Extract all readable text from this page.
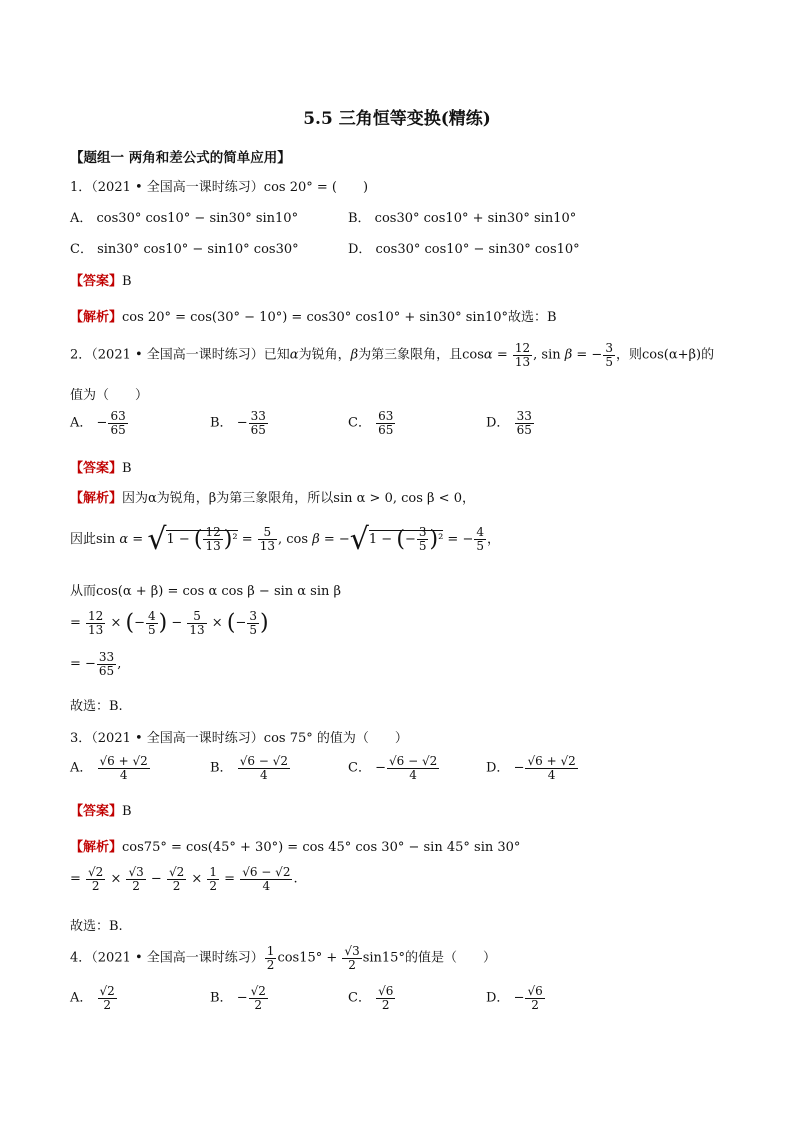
5.5 三角恒等变换(精练)
【题组一 两角和差公式的简单应用】
1．（2021 • 全国高一课时练习）cos 20° = (　　)
A． cos30° cos10° − sin30° sin10°	B． cos30° cos10° + sin30° sin10°
C． sin30° cos10° − sin10° cos30°	D． cos30° cos10° − sin30° cos10°
【答案】B
【解析】cos 20° = cos(30° − 10°) = cos30° cos10° + sin30° sin10°故选：B
2．（2021 • 全国高一课时练习）已知α为锐角，β为第三象限角，且$\cos\alpha = \frac{12}{13}$ , sin β = − $\frac{3}{5}$ ，则cos(α+β)的
值为（　　）
A． − $\frac{63}{65}$	B． − $\frac{33}{65}$	C． $\frac{63}{65}$	D． $\frac{33}{65}$
【答案】B
【解析】因为α为锐角，β为第三象限角，所以sin α > 0, cos β < 0，
因此sin α = √1 − ( $\frac{12}{13} )^2 = \frac{5}{13}$ , cos β = −√1 − (− $\frac{3}{5} )^2$ = − $\frac{4}{5}$ ，
从而cos(α + β) = cos α cos β − sin α sin β
= $\frac{12}{13}$ × (− $\frac{4}{5}$ ) − $\frac{5}{13}$ × (− $\frac{3}{5}$ )
= − $\frac{33}{65}$ ,
故选：B.
3．（2021 • 全国高一课时练习）cos 75° 的值为（　　）
A． $\frac{√6 + √2}{4}$	B． $\frac{√6 - √2}{4}$	C． − $\frac{√6 - √2}{4}$	D． − $\frac{√6 + √2}{4}$
【答案】B
【解析】cos75° = cos(45° + 30°) = cos 45° cos 30° − sin 45° sin 30°
= $\frac{√2}{2} \times \frac{√3}{2} - \frac{√2}{2} \times \frac{1}{2} = \frac{√6 - √2}{4}$ .
故选：B.
4．（2021 • 全国高一课时练习） $\frac{1}{2} \cos 15^\circ + \frac{√3}{2} \sin 15^\circ$的值是（　　）
A． $\frac{√2}{2}$	B． − $\frac{√2}{2}$	C． $\frac{√6}{2}$	D． − $\frac{√6}{2}$
